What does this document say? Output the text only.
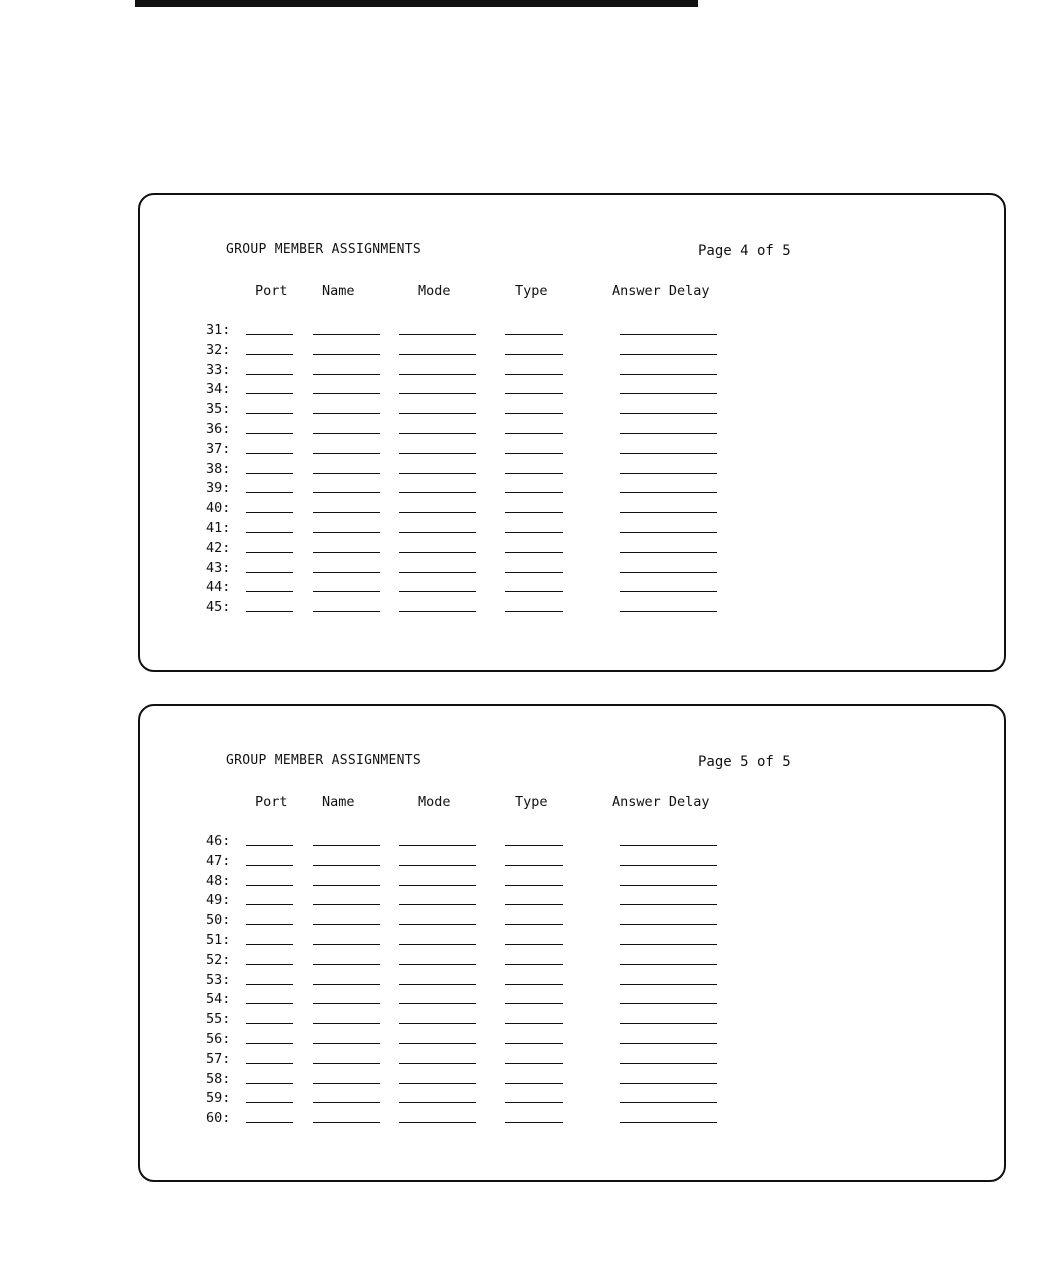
GROUP MEMBER ASSIGNMENTS	Page 4 of 5
Port	Name	Mode	Type	Answer Delay
31:
32:
33:
34:
35:
36:
37:
38:
39:
40:
41:
42:
43:
44:
45:
GROUP MEMBER ASSIGNMENTS	Page 5 of 5
Port	Name	Mode	Type	Answer Delay
46:
47:
48:
49:
50:
51:
52:
53:
54:
55:
56:
57:
58:
59:
60:
